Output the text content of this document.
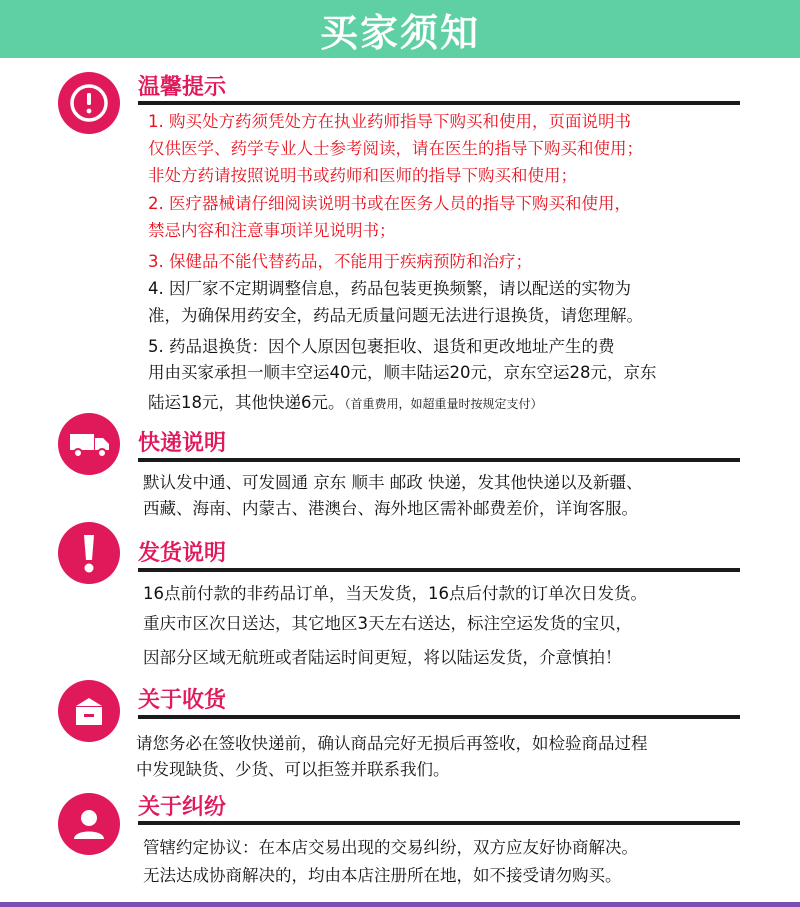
买家须知
温馨提示
1. 购买处方药须凭处方在执业药师指导下购买和使用，页面说明书
仅供医学、药学专业人士参考阅读，请在医生的指导下购买和使用；
非处方药请按照说明书或药师和医师的指导下购买和使用；
2. 医疗器械请仔细阅读说明书或在医务人员的指导下购买和使用，
禁忌内容和注意事项详见说明书；
3. 保健品不能代替药品，不能用于疾病预防和治疗；
4. 因厂家不定期调整信息，药品包装更换频繁，请以配送的实物为
准，为确保用药安全，药品无质量问题无法进行退换货，请您理解。
5. 药品退换货：因个人原因包裹拒收、退货和更改地址产生的费
用由买家承担一顺丰空运40元，顺丰陆运20元，京东空运28元，京东
陆运18元，其他快递6元。（首重费用，如超重量时按规定支付）
快递说明
默认发中通、可发圆通 京东 顺丰 邮政 快递，发其他快递以及新疆、
西藏、海南、内蒙古、港澳台、海外地区需补邮费差价，详询客服。
发货说明
16点前付款的非药品订单，当天发货，16点后付款的订单次日发货。
重庆市区次日送达，其它地区3天左右送达，标注空运发货的宝贝，
因部分区域无航班或者陆运时间更短，将以陆运发货，介意慎拍！
关于收货
请您务必在签收快递前，确认商品完好无损后再签收，如检验商品过程
中发现缺货、少货、可以拒签并联系我们。
关于纠纷
管辖约定协议：在本店交易出现的交易纠纷，双方应友好协商解决。
无法达成协商解决的，均由本店注册所在地，如不接受请勿购买。
